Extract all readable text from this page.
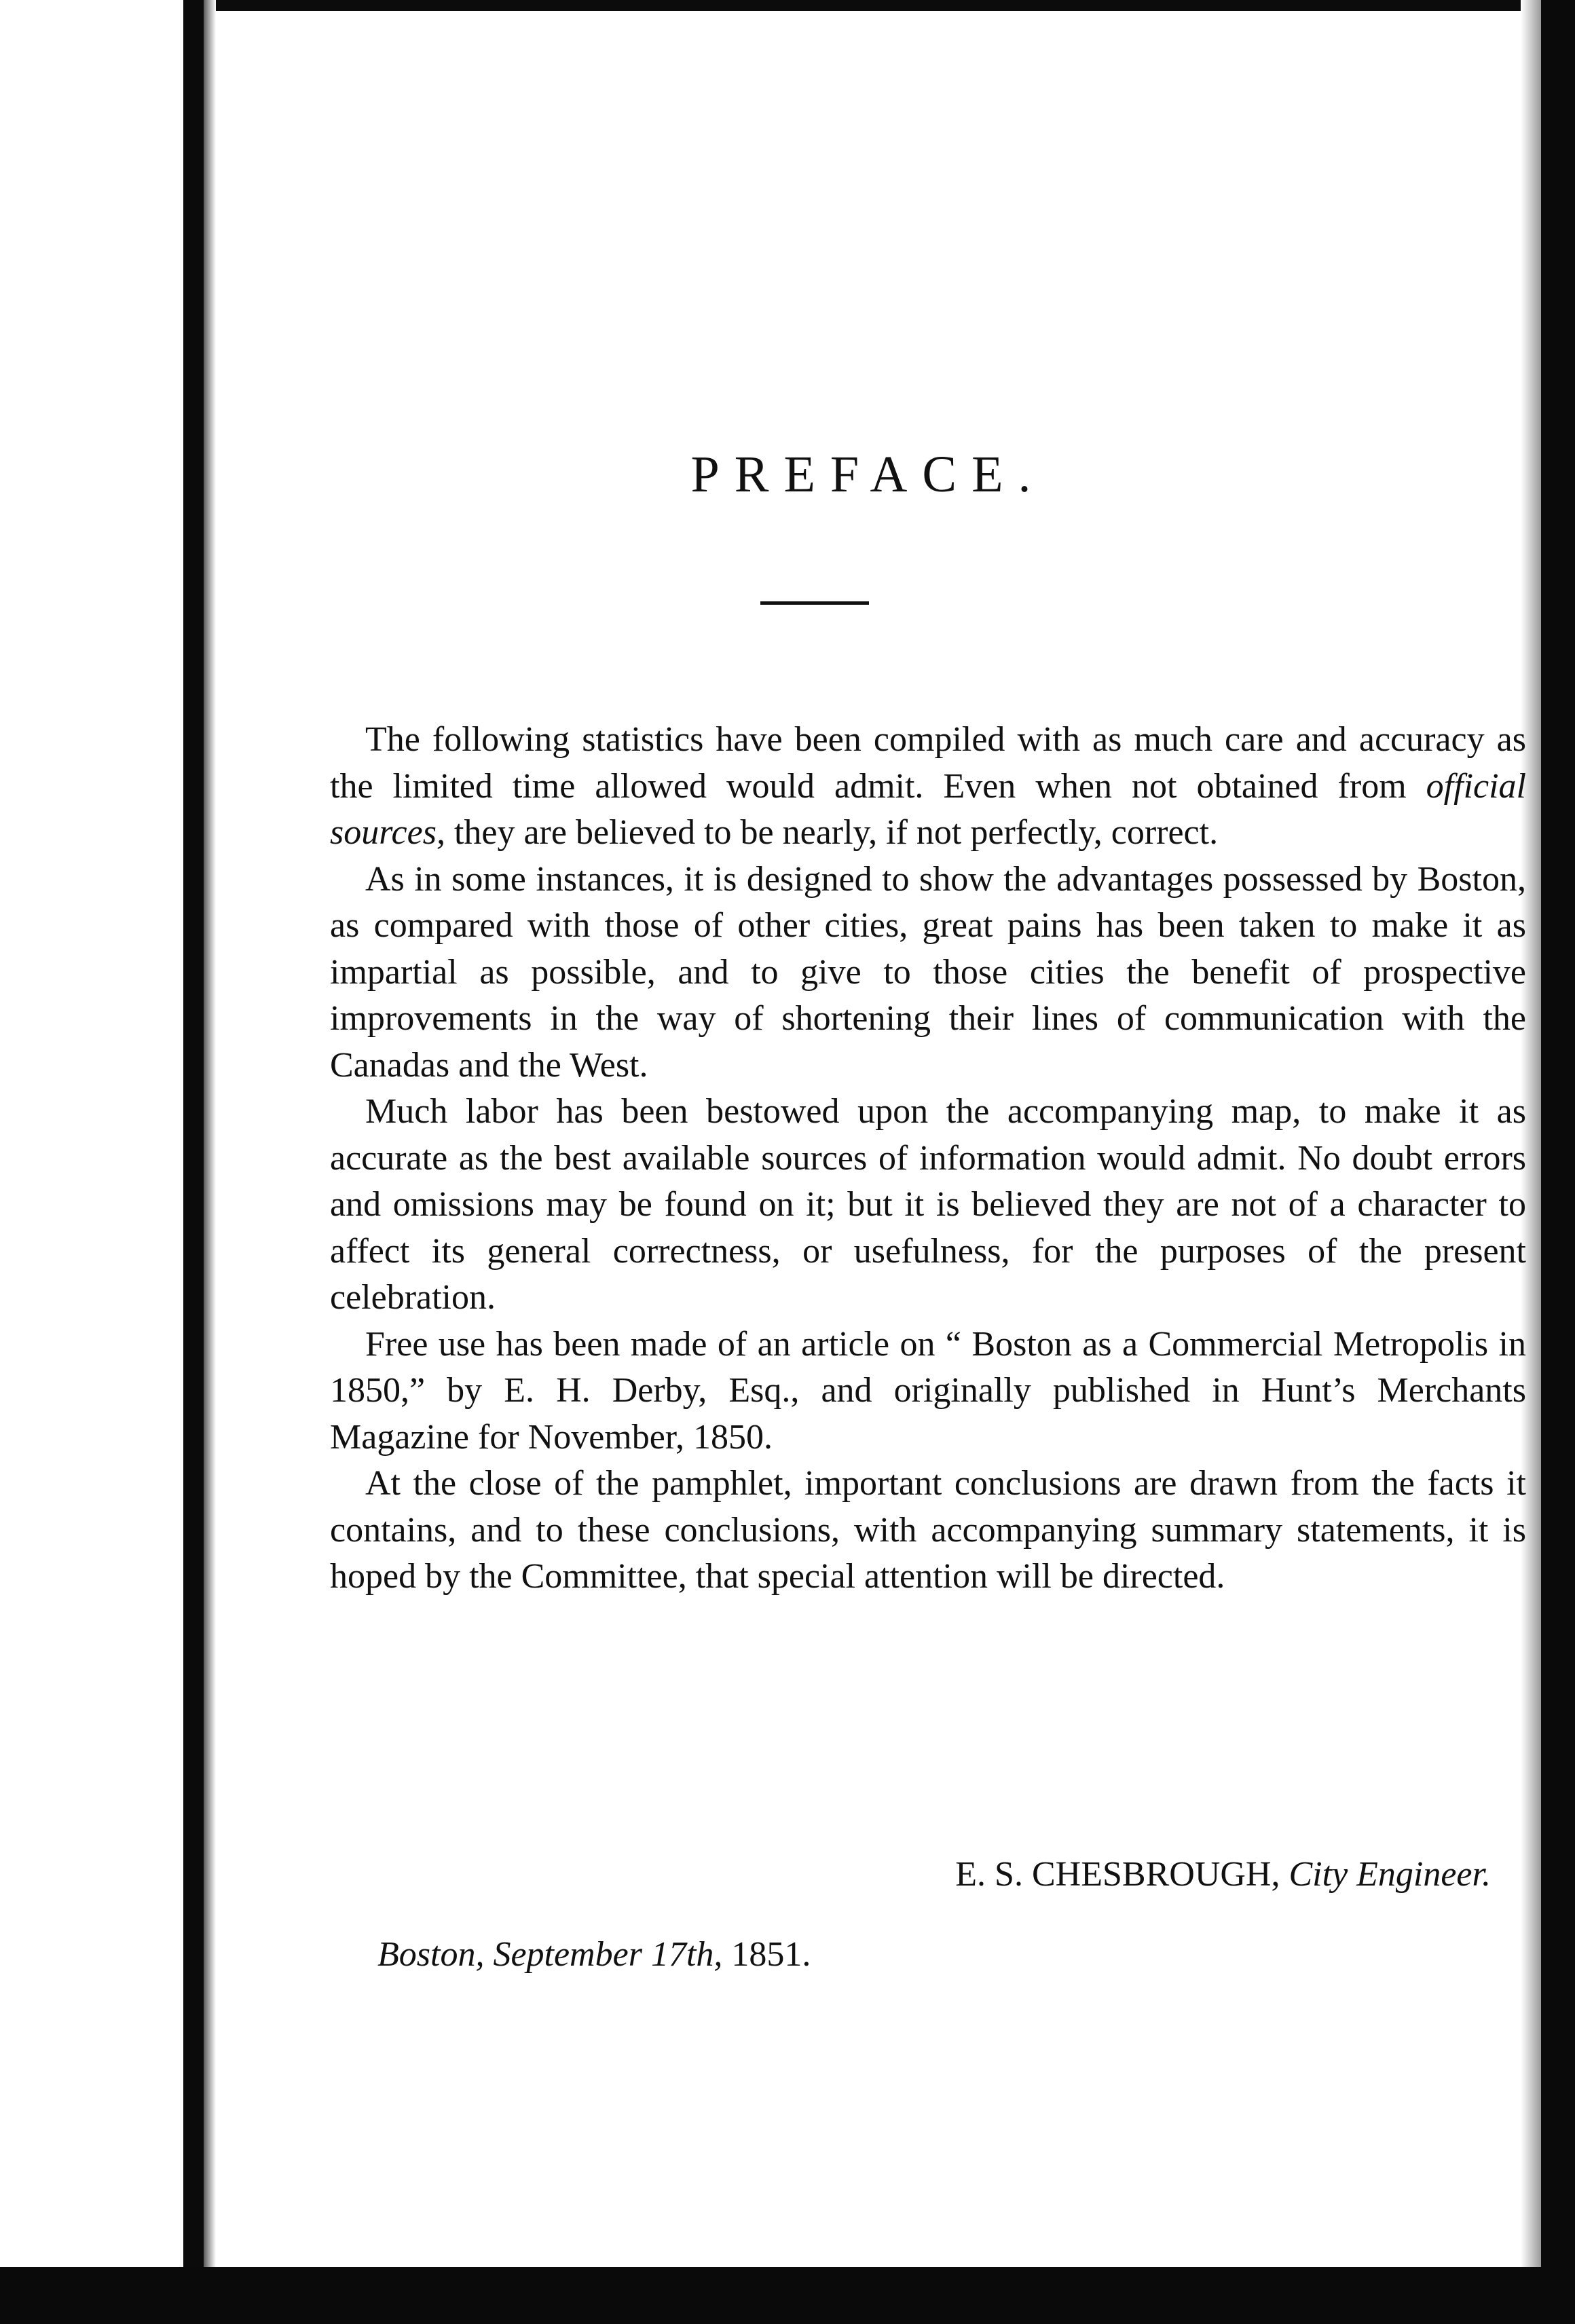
PREFACE.

The following statistics have been compiled with as much care and accuracy as the limited time allowed would admit. Even when not obtained from official sources, they are believed to be nearly, if not perfectly, correct.

As in some instances, it is designed to show the advantages possessed by Boston, as compared with those of other cities, great pains has been taken to make it as impartial as possible, and to give to those cities the benefit of prospective improvements in the way of shortening their lines of communication with the Canadas and the West.

Much labor has been bestowed upon the accompanying map, to make it as accurate as the best available sources of information would admit. No doubt errors and omissions may be found on it; but it is believed they are not of a character to affect its general correctness, or usefulness, for the purposes of the present celebration.

Free use has been made of an article on “ Boston as a Commercial Metropolis in 1850,” by E. H. Derby, Esq., and originally published in Hunt’s Merchants Magazine for November, 1850.

At the close of the pamphlet, important conclusions are drawn from the facts it contains, and to these conclusions, with accompanying summary statements, it is hoped by the Committee, that special attention will be directed.

E. S. CHESBROUGH, City Engineer.
Boston, September 17th, 1851.
